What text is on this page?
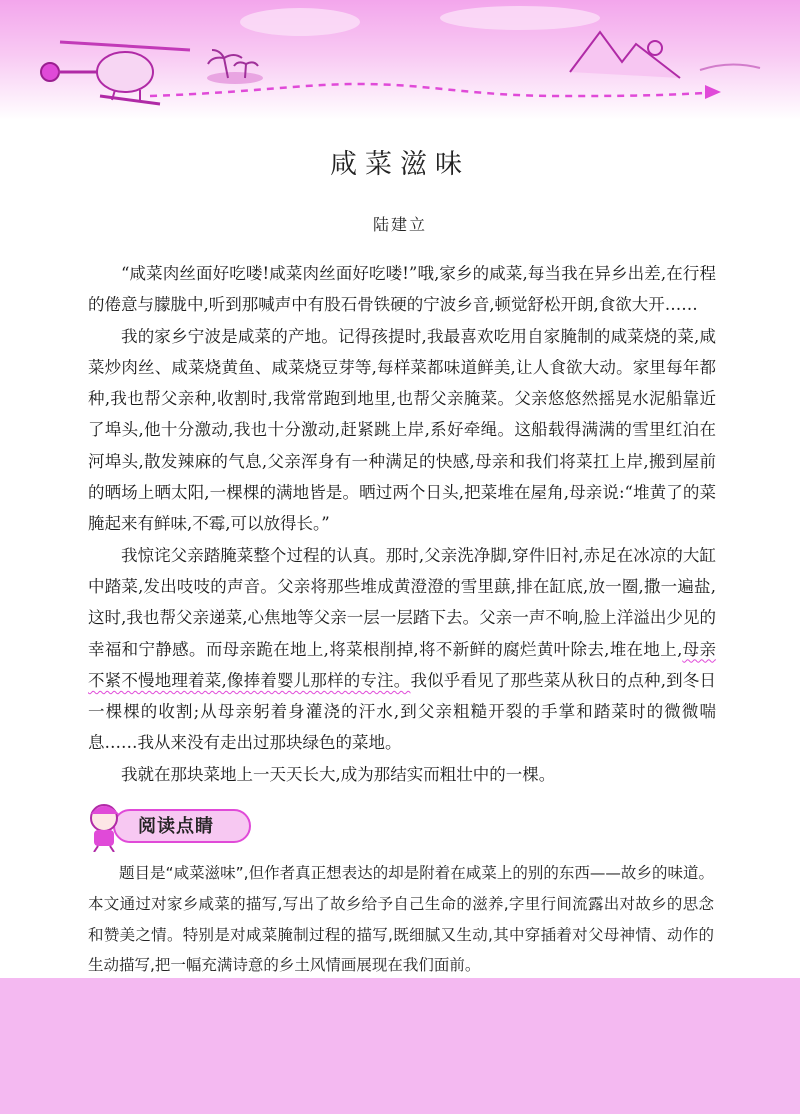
咸菜滋味
陆建立

“咸菜肉丝面好吃喽!咸菜肉丝面好吃喽!”哦,家乡的咸菜,每当我在异乡出差,在行程的倦意与朦胧中,听到那喊声中有股石骨铁硬的宁波乡音,顿觉舒松开朗,食欲大开……

我的家乡宁波是咸菜的产地。记得孩提时,我最喜欢吃用自家腌制的咸菜烧的菜,咸菜炒肉丝、咸菜烧黄鱼、咸菜烧豆芽等,每样菜都味道鲜美,让人食欲大动。家里每年都种,我也帮父亲种,收割时,我常常跑到地里,也帮父亲腌菜。父亲悠悠然摇晃水泥船靠近了埠头,他十分激动,我也十分激动,赶紧跳上岸,系好牵绳。这船载得满满的雪里红泊在河埠头,散发辣麻的气息,父亲浑身有一种满足的快感,母亲和我们将菜扛上岸,搬到屋前的晒场上晒太阳,一棵棵的满地皆是。晒过两个日头,把菜堆在屋角,母亲说:“堆黄了的菜腌起来有鲜味,不霉,可以放得长。”

我惊诧父亲踏腌菜整个过程的认真。那时,父亲洗净脚,穿件旧衬,赤足在冰凉的大缸中踏菜,发出吱吱的声音。父亲将那些堆成黄澄澄的雪里蕻,排在缸底,放一圈,撒一遍盐,这时,我也帮父亲递菜,心焦地等父亲一层一层踏下去。父亲一声不响,脸上洋溢出少见的幸福和宁静感。而母亲跪在地上,将菜根削掉,将不新鲜的腐烂黄叶除去,堆在地上,母亲不紧不慢地理着菜,像捧着婴儿那样的专注。我似乎看见了那些菜从秋日的点种,到冬日一棵棵的收割;从母亲躬着身灌浇的汗水,到父亲粗糙开裂的手掌和踏菜时的微微喘息……我从来没有走出过那块绿色的菜地。

我就在那块菜地上一天天长大,成为那结实而粗壮中的一棵。

阅读点睛

题目是“咸菜滋味”,但作者真正想表达的却是附着在咸菜上的别的东西——故乡的味道。本文通过对家乡咸菜的描写,写出了故乡给予自己生命的滋养,字里行间流露出对故乡的思念和赞美之情。特别是对咸菜腌制过程的描写,既细腻又生动,其中穿插着对父母神情、动作的生动描写,把一幅充满诗意的乡土风情画展现在我们面前。
